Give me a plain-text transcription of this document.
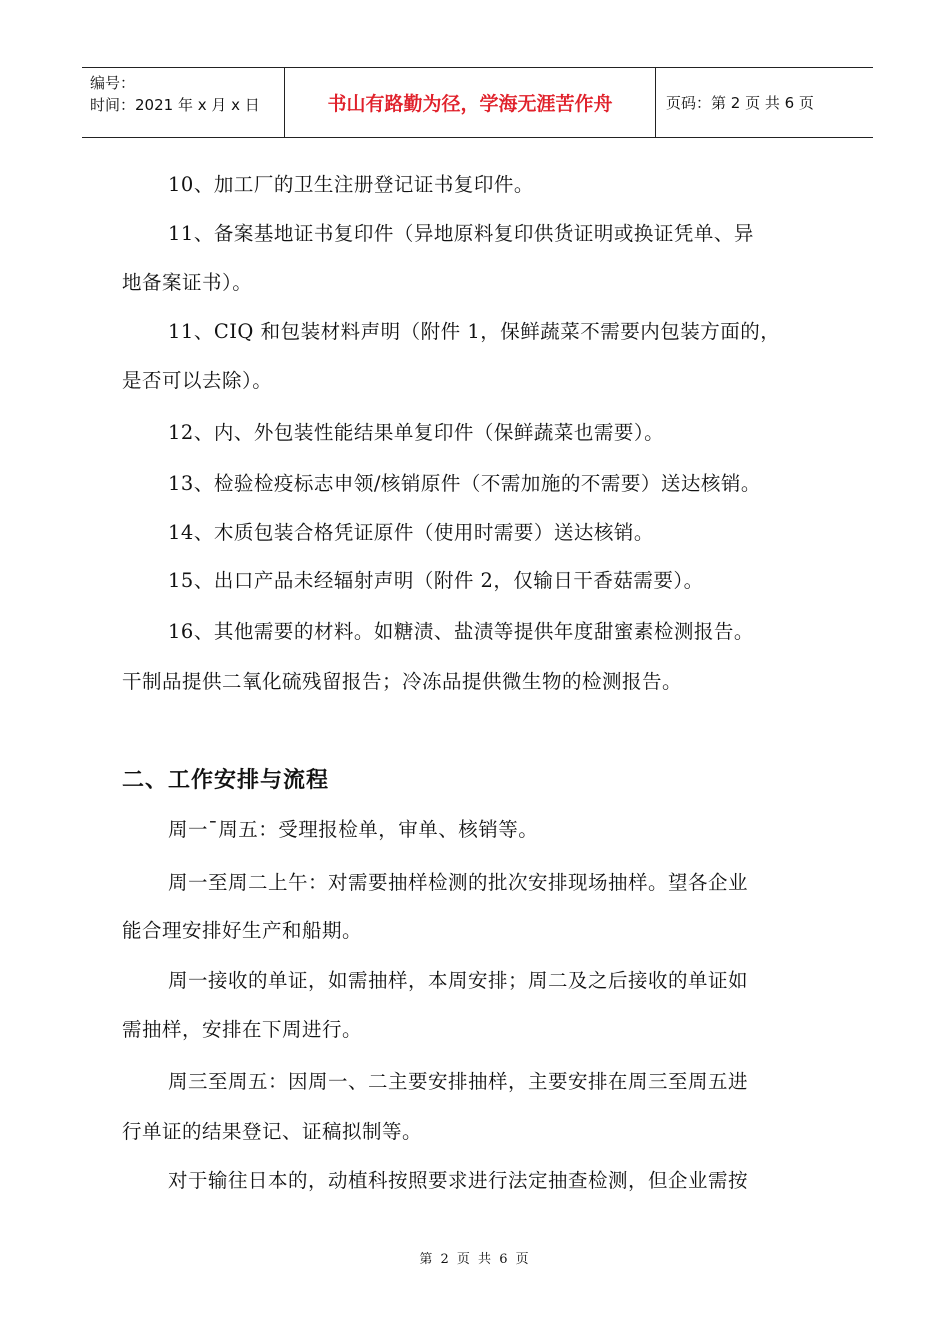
编号：
时间：2021 年 x 月 x 日	书山有路勤为径，学海无涯苦作舟	页码：第 2 页 共 6 页
10、加工厂的卫生注册登记证书复印件。
11、备案基地证书复印件（异地原料复印供货证明或换证凭单、异
地备案证书）。
11、CIQ 和包装材料声明（附件 1，保鲜蔬菜不需要内包装方面的，
是否可以去除）。
12、内、外包装性能结果单复印件（保鲜蔬菜也需要）。
13、检验检疫标志申领/核销原件（不需加施的不需要）送达核销。
14、木质包装合格凭证原件（使用时需要）送达核销。
15、出口产品未经辐射声明（附件 2，仅输日干香菇需要）。
16、其他需要的材料。如糖渍、盐渍等提供年度甜蜜素检测报告。
干制品提供二氧化硫残留报告；冷冻品提供微生物的检测报告。
二、工作安排与流程
周一¯周五：受理报检单，审单、核销等。
周一至周二上午：对需要抽样检测的批次安排现场抽样。望各企业
能合理安排好生产和船期。
周一接收的单证，如需抽样，本周安排；周二及之后接收的单证如
需抽样，安排在下周进行。
周三至周五：因周一、二主要安排抽样，主要安排在周三至周五进
行单证的结果登记、证稿拟制等。
对于输往日本的，动植科按照要求进行法定抽查检测，但企业需按
第 2 页 共 6 页
